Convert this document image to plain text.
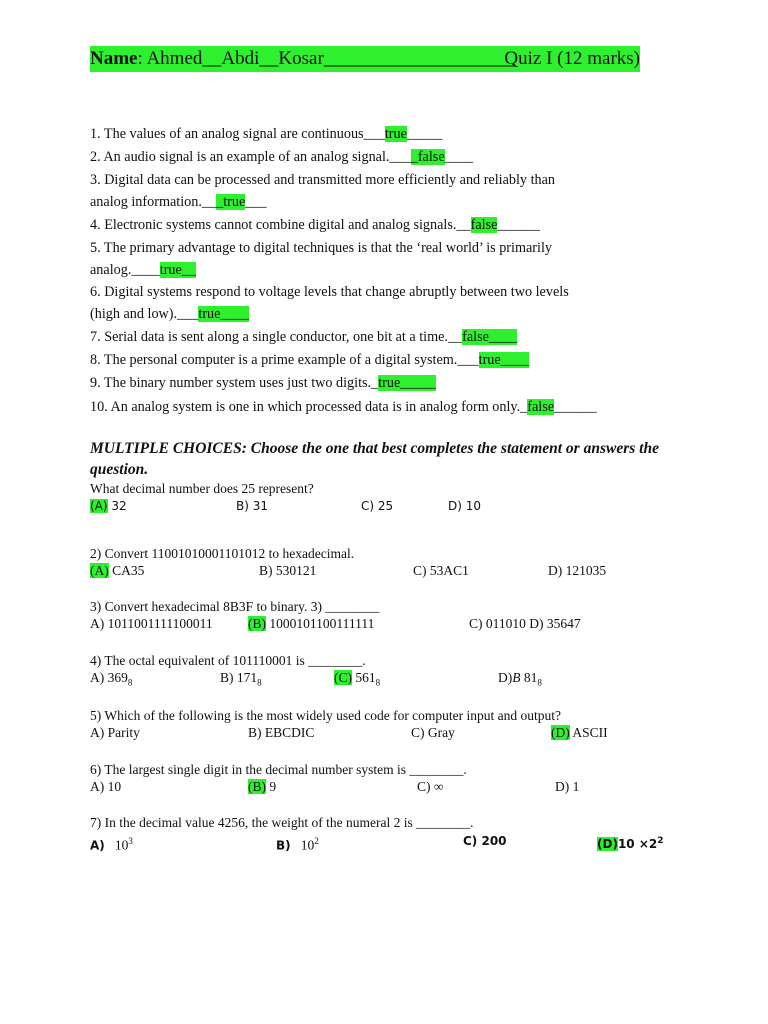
Name: Ahmed__Abdi__Kosar____________________
Quiz I (12 marks)
1. The values of an analog signal are continuous___true_____
2. An audio signal is an example of an analog signal.____false____
3. Digital data can be processed and transmitted more efficiently and reliably than
analog information.___true___
4. Electronic systems cannot combine digital and analog signals.__false______
5. The primary advantage to digital techniques is that the ‘real world’ is primarily
analog.____true__
6. Digital systems respond to voltage levels that change abruptly between two levels
(high and low).___true____
7. Serial data is sent along a single conductor, one bit at a time.__false____
8. The personal computer is a prime example of a digital system.___true____
9. The binary number system uses just two digits._true_____
10. An analog system is one in which processed data is in analog form only._false______
MULTIPLE CHOICES: Choose the one that best completes the statement or answers the question.
What decimal number does 25 represent?
(A) 32	B) 31	C) 25	D) 10
2) Convert 11001010001101012 to hexadecimal.
(A) CA35	B) 530121	C) 53AC1	D) 121035
3) Convert hexadecimal 8B3F to binary. 3) ________
A) 1011001111100011	(B) 1000101100111111	C) 011010 D) 35647
4) The octal equivalent of 101110001 is ________.
A) $369_8$	B) $171_8$	(C) $561_8$	D)B $81_8$
5) Which of the following is the most widely used code for computer input and output?
A) Parity	B) EBCDIC	C) Gray	(D) ASCII
6) The largest single digit in the decimal number system is ________.
A) 10	(B) 9	C) ∞	D) 1
7) In the decimal value 4256, the weight of the numeral 2 is ________.
A) $10^3$	B) $10^2$	C) 200	$(D)10 \times 2^2$
